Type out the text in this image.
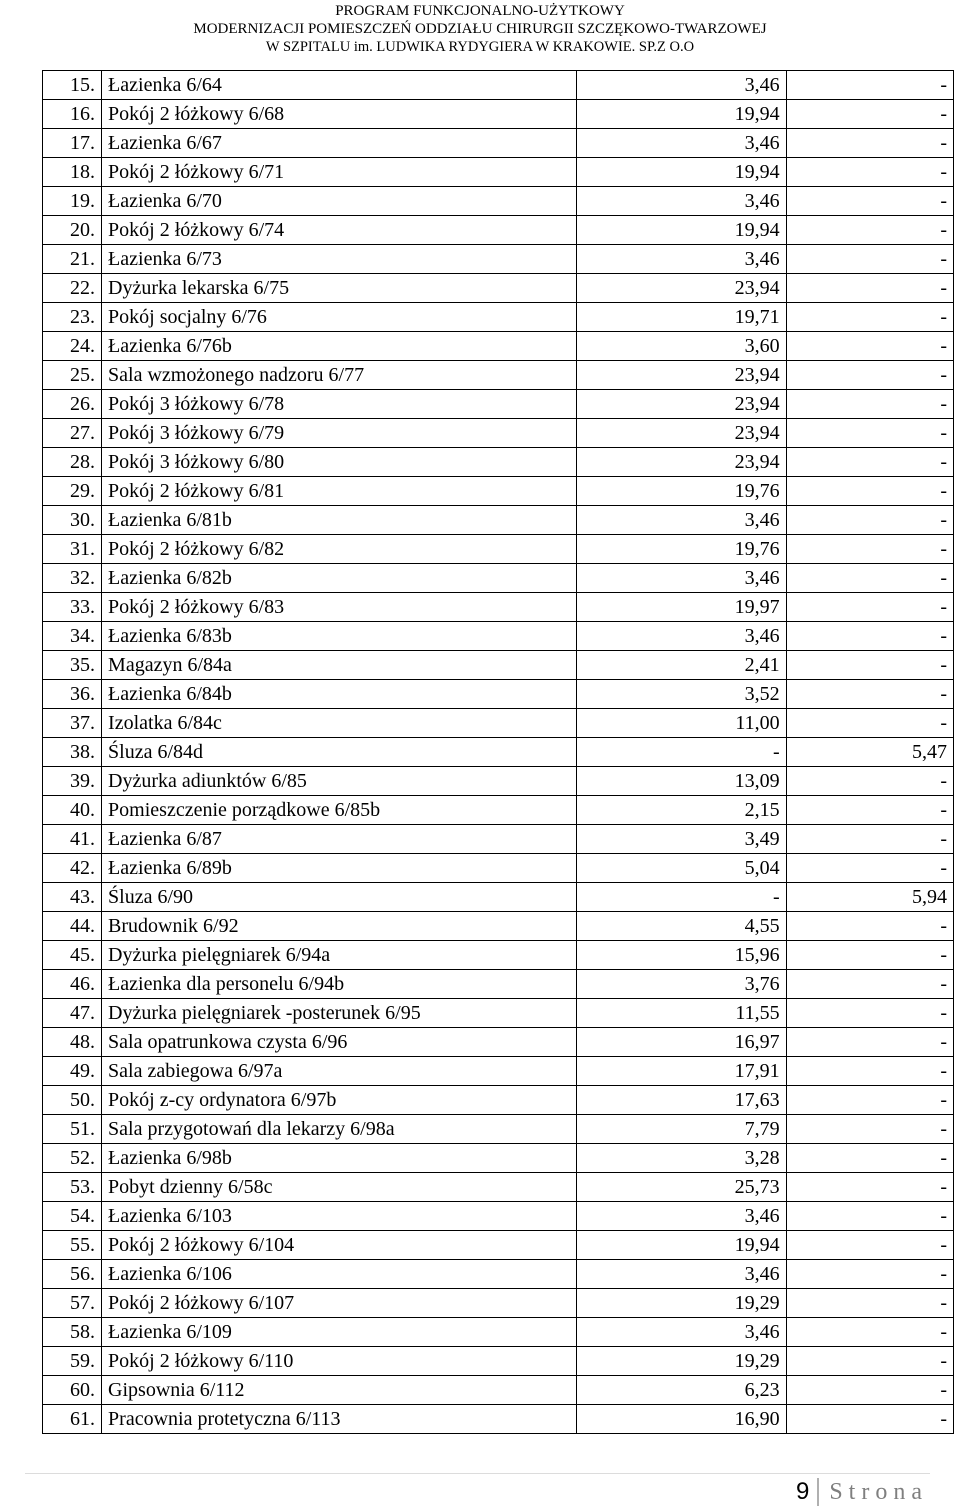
PROGRAM FUNKCJONALNO-UŻYTKOWY
MODERNIZACJI POMIESZCZEŃ ODDZIAŁU CHIRURGII SZCZĘKOWO-TWARZOWEJ
W SZPITALU im. LUDWIKA RYDYGIERA W KRAKOWIE. SP.Z O.O
15.	Łazienka 6/64	3,46	-
16.	Pokój 2 łóżkowy 6/68	19,94	-
17.	Łazienka 6/67	3,46	-
18.	Pokój 2 łóżkowy 6/71	19,94	-
19.	Łazienka 6/70	3,46	-
20.	Pokój 2 łóżkowy 6/74	19,94	-
21.	Łazienka 6/73	3,46	-
22.	Dyżurka lekarska 6/75	23,94	-
23.	Pokój socjalny 6/76	19,71	-
24.	Łazienka 6/76b	3,60	-
25.	Sala wzmożonego nadzoru 6/77	23,94	-
26.	Pokój 3 łóżkowy 6/78	23,94	-
27.	Pokój 3 łóżkowy 6/79	23,94	-
28.	Pokój 3 łóżkowy 6/80	23,94	-
29.	Pokój 2 łóżkowy 6/81	19,76	-
30.	Łazienka 6/81b	3,46	-
31.	Pokój 2 łóżkowy 6/82	19,76	-
32.	Łazienka 6/82b	3,46	-
33.	Pokój 2 łóżkowy 6/83	19,97	-
34.	Łazienka 6/83b	3,46	-
35.	Magazyn 6/84a	2,41	-
36.	Łazienka 6/84b	3,52	-
37.	Izolatka 6/84c	11,00	-
38.	Śluza 6/84d	-	5,47
39.	Dyżurka adiunktów 6/85	13,09	-
40.	Pomieszczenie porządkowe 6/85b	2,15	-
41.	Łazienka 6/87	3,49	-
42.	Łazienka 6/89b	5,04	-
43.	Śluza 6/90	-	5,94
44.	Brudownik 6/92	4,55	-
45.	Dyżurka pielęgniarek 6/94a	15,96	-
46.	Łazienka dla personelu 6/94b	3,76	-
47.	Dyżurka pielęgniarek -posterunek 6/95	11,55	-
48.	Sala opatrunkowa czysta 6/96	16,97	-
49.	Sala zabiegowa 6/97a	17,91	-
50.	Pokój z-cy ordynatora 6/97b	17,63	-
51.	Sala przygotowań dla lekarzy 6/98a	7,79	-
52.	Łazienka 6/98b	3,28	-
53.	Pobyt dzienny 6/58c	25,73	-
54.	Łazienka 6/103	3,46	-
55.	Pokój 2 łóżkowy 6/104	19,94	-
56.	Łazienka 6/106	3,46	-
57.	Pokój 2 łóżkowy 6/107	19,29	-
58.	Łazienka 6/109	3,46	-
59.	Pokój 2 łóżkowy 6/110	19,29	-
60.	Gipsownia 6/112	6,23	-
61.	Pracownia protetyczna 6/113	16,90	-
9 Strona
